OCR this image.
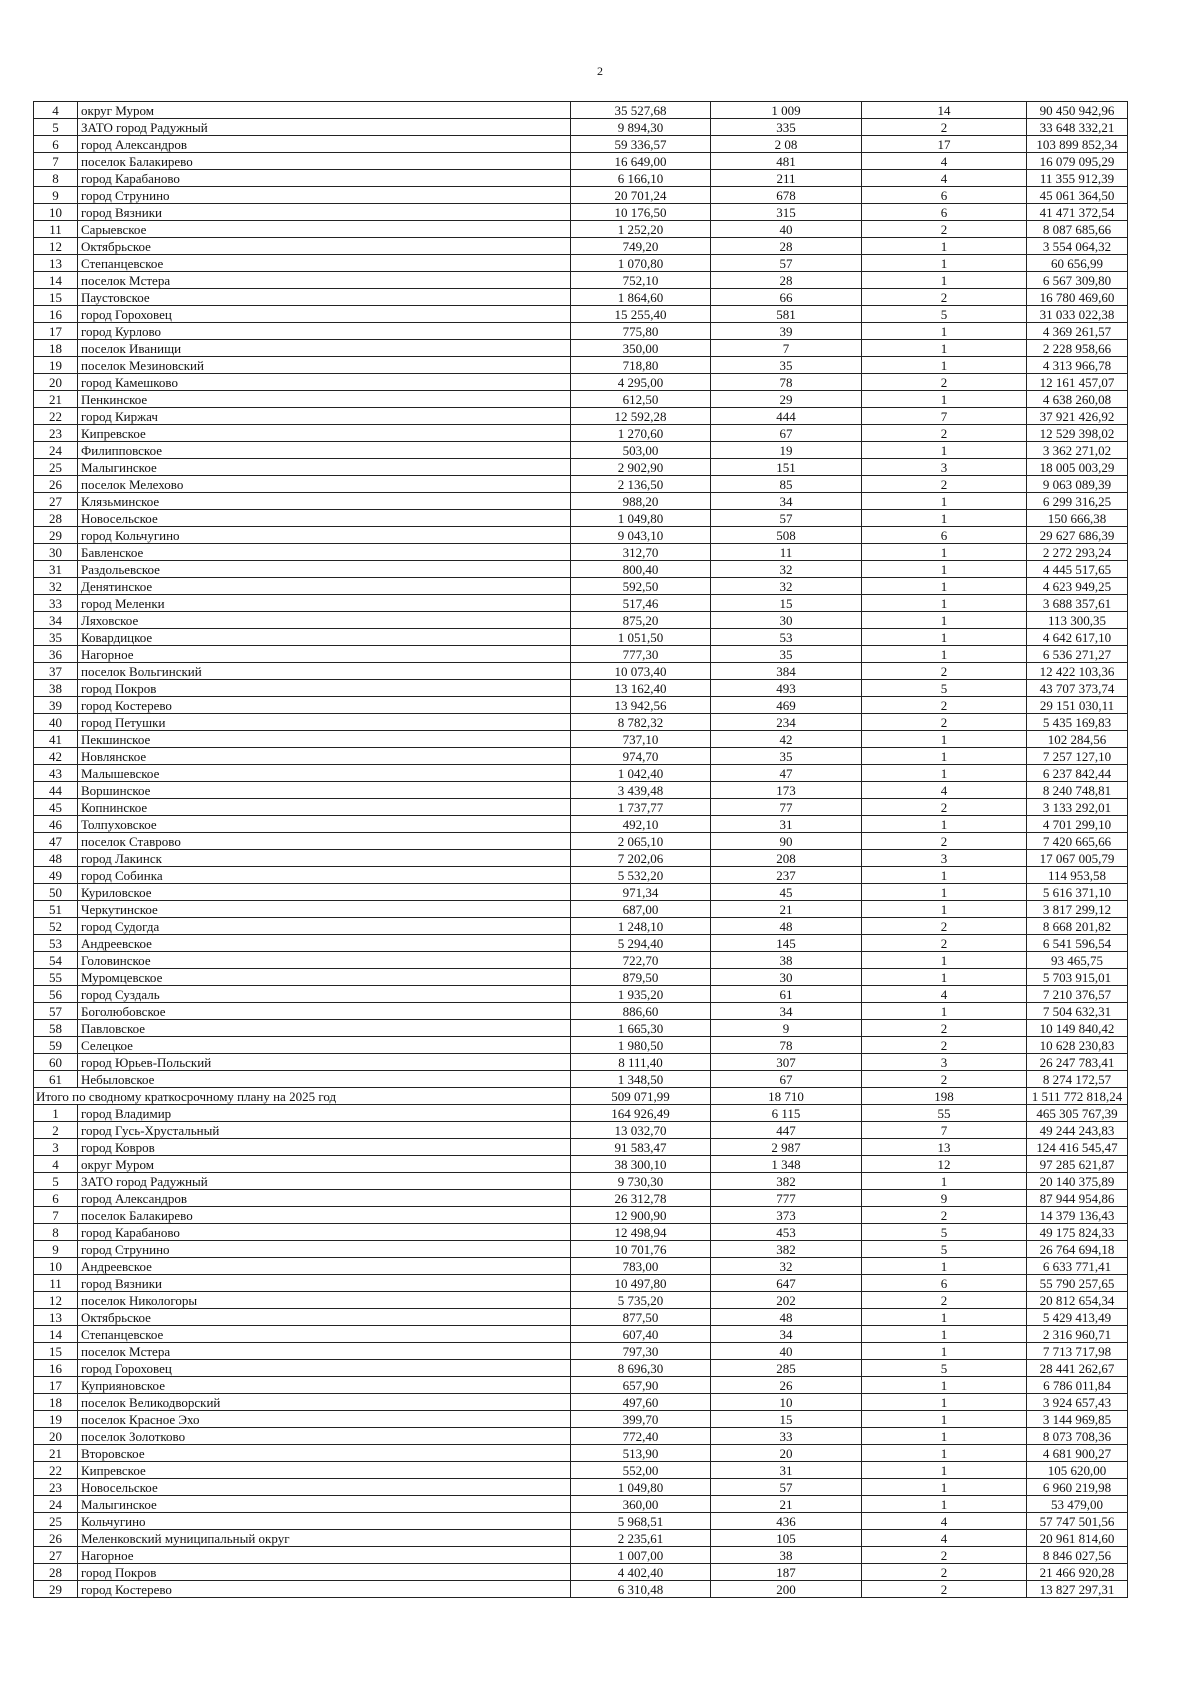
2
4	округ Муром	35 527,68	1 009	14	90 450 942,96
5	ЗАТО город Радужный	9 894,30	335	2	33 648 332,21
6	город Александров	59 336,57	2 08	17	103 899 852,34
7	поселок Балакирево	16 649,00	481	4	16 079 095,29
8	город Карабаново	6 166,10	211	4	11 355 912,39
9	город Струнино	20 701,24	678	6	45 061 364,50
10	город Вязники	10 176,50	315	6	41 471 372,54
11	Сарыевское	1 252,20	40	2	8 087 685,66
12	Октябрьское	749,20	28	1	3 554 064,32
13	Степанцевское	1 070,80	57	1	60 656,99
14	поселок Мстера	752,10	28	1	6 567 309,80
15	Паустовское	1 864,60	66	2	16 780 469,60
16	город Гороховец	15 255,40	581	5	31 033 022,38
17	город Курлово	775,80	39	1	4 369 261,57
18	поселок Иванищи	350,00	7	1	2 228 958,66
19	поселок Мезиновский	718,80	35	1	4 313 966,78
20	город Камешково	4 295,00	78	2	12 161 457,07
21	Пенкинское	612,50	29	1	4 638 260,08
22	город Киржач	12 592,28	444	7	37 921 426,92
23	Кипревское	1 270,60	67	2	12 529 398,02
24	Филипповское	503,00	19	1	3 362 271,02
25	Малыгинское	2 902,90	151	3	18 005 003,29
26	поселок Мелехово	2 136,50	85	2	9 063 089,39
27	Клязьминское	988,20	34	1	6 299 316,25
28	Новосельское	1 049,80	57	1	150 666,38
29	город Кольчугино	9 043,10	508	6	29 627 686,39
30	Бавленское	312,70	11	1	2 272 293,24
31	Раздольевское	800,40	32	1	4 445 517,65
32	Денятинское	592,50	32	1	4 623 949,25
33	город Меленки	517,46	15	1	3 688 357,61
34	Ляховское	875,20	30	1	113 300,35
35	Ковардицкое	1 051,50	53	1	4 642 617,10
36	Нагорное	777,30	35	1	6 536 271,27
37	поселок Вольгинский	10 073,40	384	2	12 422 103,36
38	город Покров	13 162,40	493	5	43 707 373,74
39	город Костерево	13 942,56	469	2	29 151 030,11
40	город Петушки	8 782,32	234	2	5 435 169,83
41	Пекшинское	737,10	42	1	102 284,56
42	Новлянское	974,70	35	1	7 257 127,10
43	Малышевское	1 042,40	47	1	6 237 842,44
44	Воршинское	3 439,48	173	4	8 240 748,81
45	Копнинское	1 737,77	77	2	3 133 292,01
46	Толпуховское	492,10	31	1	4 701 299,10
47	поселок Ставрово	2 065,10	90	2	7 420 665,66
48	город Лакинск	7 202,06	208	3	17 067 005,79
49	город Собинка	5 532,20	237	1	114 953,58
50	Куриловское	971,34	45	1	5 616 371,10
51	Черкутинское	687,00	21	1	3 817 299,12
52	город Судогда	1 248,10	48	2	8 668 201,82
53	Андреевское	5 294,40	145	2	6 541 596,54
54	Головинское	722,70	38	1	93 465,75
55	Муромцевское	879,50	30	1	5 703 915,01
56	город Суздаль	1 935,20	61	4	7 210 376,57
57	Боголюбовское	886,60	34	1	7 504 632,31
58	Павловское	1 665,30	9	2	10 149 840,42
59	Селецкое	1 980,50	78	2	10 628 230,83
60	город Юрьев-Польский	8 111,40	307	3	26 247 783,41
61	Небыловское	1 348,50	67	2	8 274 172,57
Итого по сводному краткосрочному плану на 2025 год		509 071,99	18 710	198	1 511 772 818,24
1	город Владимир	164 926,49	6 115	55	465 305 767,39
2	город Гусь-Хрустальный	13 032,70	447	7	49 244 243,83
3	город Ковров	91 583,47	2 987	13	124 416 545,47
4	округ Муром	38 300,10	1 348	12	97 285 621,87
5	ЗАТО город Радужный	9 730,30	382	1	20 140 375,89
6	город Александров	26 312,78	777	9	87 944 954,86
7	поселок Балакирево	12 900,90	373	2	14 379 136,43
8	город Карабаново	12 498,94	453	5	49 175 824,33
9	город Струнино	10 701,76	382	5	26 764 694,18
10	Андреевское	783,00	32	1	6 633 771,41
11	город Вязники	10 497,80	647	6	55 790 257,65
12	поселок Никологоры	5 735,20	202	2	20 812 654,34
13	Октябрьское	877,50	48	1	5 429 413,49
14	Степанцевское	607,40	34	1	2 316 960,71
15	поселок Мстера	797,30	40	1	7 713 717,98
16	город Гороховец	8 696,30	285	5	28 441 262,67
17	Куприяновское	657,90	26	1	6 786 011,84
18	поселок Великодворский	497,60	10	1	3 924 657,43
19	поселок Красное Эхо	399,70	15	1	3 144 969,85
20	поселок Золотково	772,40	33	1	8 073 708,36
21	Второвское	513,90	20	1	4 681 900,27
22	Кипревское	552,00	31	1	105 620,00
23	Новосельское	1 049,80	57	1	6 960 219,98
24	Малыгинское	360,00	21	1	53 479,00
25	Кольчугино	5 968,51	436	4	57 747 501,56
26	Меленковский муниципальный округ	2 235,61	105	4	20 961 814,60
27	Нагорное	1 007,00	38	2	8 846 027,56
28	город Покров	4 402,40	187	2	21 466 920,28
29	город Костерево	6 310,48	200	2	13 827 297,31
